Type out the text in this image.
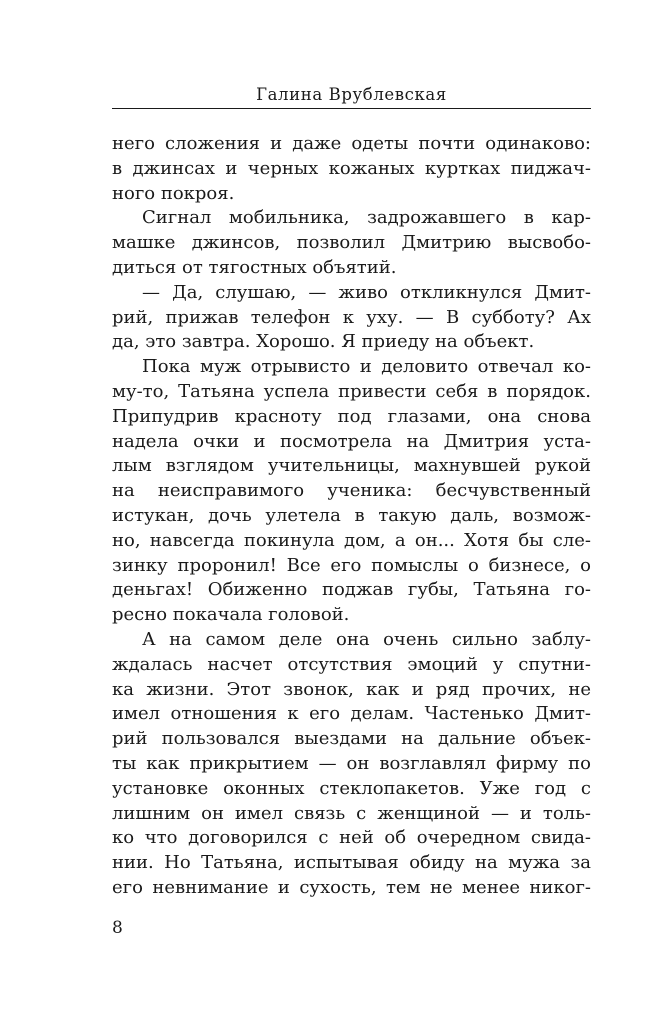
Галина Врублевская
него сложения и даже одеты почти одинаково:
в джинсах и черных кожаных куртках пиджач-
ного покроя.
Сигнал мобильника, задрожавшего в кар-
машке джинсов, позволил Дмитрию высвобо-
диться от тягостных объятий.
— Да, слушаю, — живо откликнулся Дмит-
рий, прижав телефон к уху. — В субботу? Ах
да, это завтра. Хорошо. Я приеду на объект.
Пока муж отрывисто и деловито отвечал ко-
му-то, Татьяна успела привести себя в порядок.
Припудрив красноту под глазами, она снова
надела очки и посмотрела на Дмитрия уста-
лым взглядом учительницы, махнувшей рукой
на неисправимого ученика: бесчувственный
истукан, дочь улетела в такую даль, возмож-
но, навсегда покинула дом, а он... Хотя бы сле-
зинку проронил! Все его помыслы о бизнесе, о
деньгах! Обиженно поджав губы, Татьяна го-
ресно покачала головой.
А на самом деле она очень сильно заблу-
ждалась насчет отсутствия эмоций у спутни-
ка жизни. Этот звонок, как и ряд прочих, не
имел отношения к его делам. Частенько Дмит-
рий пользовался выездами на дальние объек-
ты как прикрытием — он возглавлял фирму по
установке оконных стеклопакетов. Уже год с
лишним он имел связь с женщиной — и толь-
ко что договорился с ней об очередном свида-
нии. Но Татьяна, испытывая обиду на мужа за
его невнимание и сухость, тем не менее никог-
8
